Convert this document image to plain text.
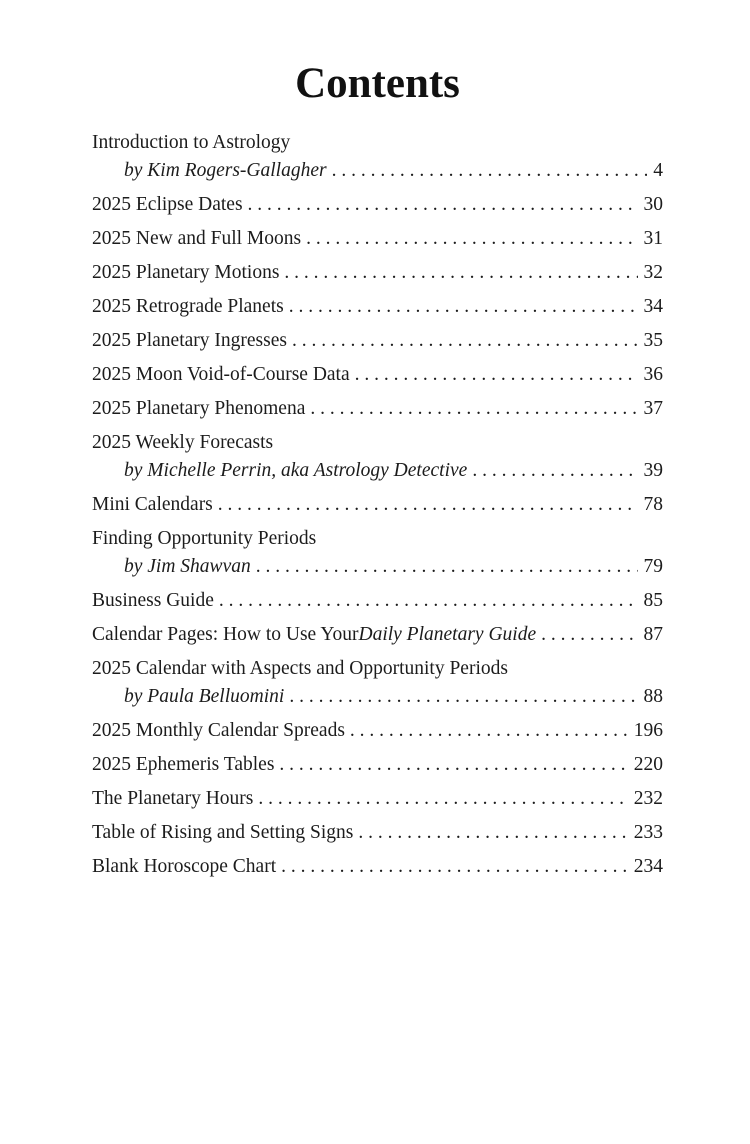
Contents
Introduction to Astrology
by Kim Rogers-Gallagher . . .	4
2025 Eclipse Dates . . .	30
2025 New and Full Moons . . .	31
2025 Planetary Motions . . .	32
2025 Retrograde Planets . . .	34
2025 Planetary Ingresses . . .	35
2025 Moon Void-of-Course Data . . .	36
2025 Planetary Phenomena . . .	37
2025 Weekly Forecasts
by Michelle Perrin, aka Astrology Detective . . .	39
Mini Calendars . . .	78
Finding Opportunity Periods
by Jim Shawvan . . .	79
Business Guide . . .	85
Calendar Pages: How to Use Your Daily Planetary Guide . . .	87
2025 Calendar with Aspects and Opportunity Periods
by Paula Belluomini . . .	88
2025 Monthly Calendar Spreads . . .	196
2025 Ephemeris Tables . . .	220
The Planetary Hours . . .	232
Table of Rising and Setting Signs . . .	233
Blank Horoscope Chart . . .	234
